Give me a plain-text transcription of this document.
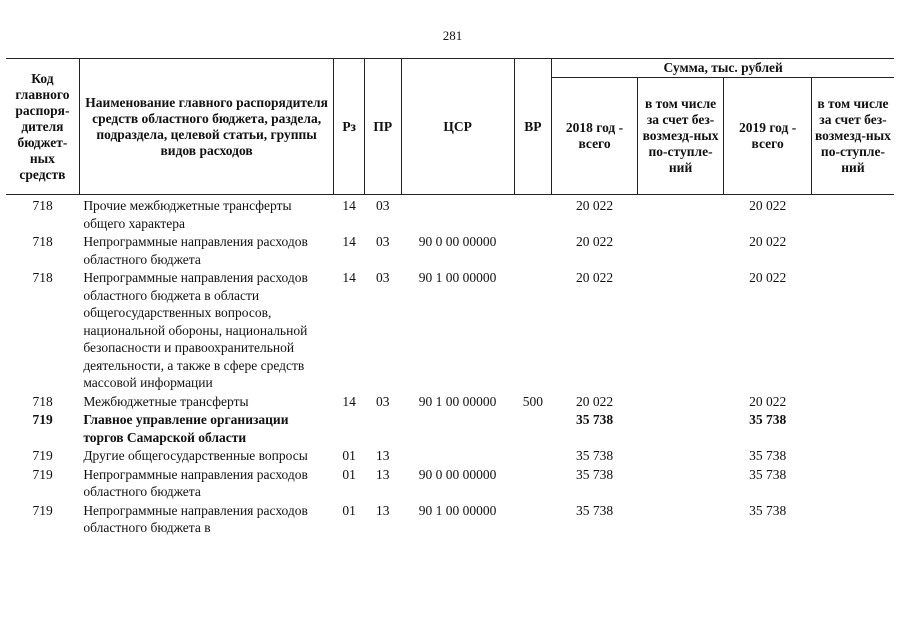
281
Код главного распоря-дителя бюджет-ных средств	Наименование главного распорядителя средств областного бюджета, раздела, подраздела, целевой статьи, группы видов расходов	Рз	ПР	ЦСР	ВР	Сумма, тыс. рублей			
						2018 год - всего	в том числе за счет без-возмезд-ных по-ступле-ний	2019 год - всего	в том числе за счет без-возмезд-ных по-ступле-ний
718	Прочие межбюджетные трансферты общего характера	14	03			20 022		20 022	
718	Непрограммные направления расходов областного бюджета	14	03	90 0 00 00000		20 022		20 022	
718	Непрограммные направления расходов областного бюджета в области общегосударственных вопросов, национальной обороны, национальной безопасности и правоохранительной деятельности, а также в сфере средств массовой информации	14	03	90 1 00 00000		20 022		20 022	
718	Межбюджетные трансферты	14	03	90 1 00 00000	500	20 022		20 022	
719	Главное управление организации торгов Самарской области					35 738		35 738	
719	Другие общегосударственные вопросы	01	13			35 738		35 738	
719	Непрограммные направления расходов областного бюджета	01	13	90 0 00 00000		35 738		35 738	
719	Непрограммные направления расходов областного бюджета в	01	13	90 1 00 00000		35 738		35 738	
